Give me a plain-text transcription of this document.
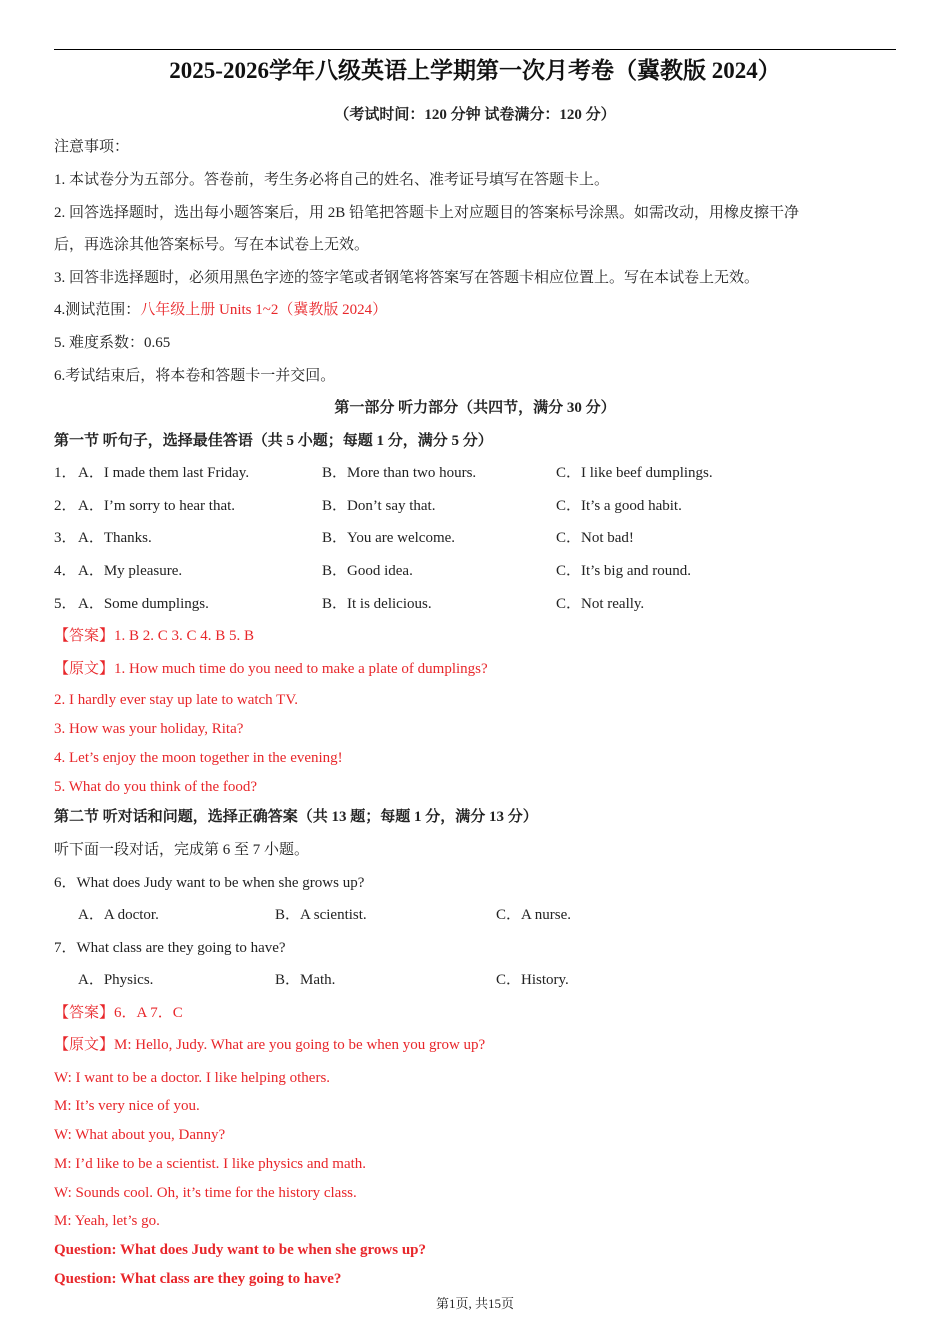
2025-2026学年八级英语上学期第一次月考卷（冀教版 2024）
（考试时间：120 分钟 试卷满分：120 分）
注意事项：
1. 本试卷分为五部分。答卷前，考生务必将自己的姓名、准考证号填写在答题卡上。
2. 回答选择题时，选出每小题答案后，用 2B 铅笔把答题卡上对应题目的答案标号涂黑。如需改动，用橡皮擦干净
后，再选涂其他答案标号。写在本试卷上无效。
3. 回答非选择题时，必须用黑色字迹的签字笔或者钢笔将答案写在答题卡相应位置上。写在本试卷上无效。
4.测试范围：八年级上册 Units 1~2（冀教版 2024）
5. 难度系数：0.65
6.考试结束后，将本卷和答题卡一并交回。
第一部分 听力部分（共四节，满分 30 分）
第一节 听句子，选择最佳答语（共 5 小题；每题 1 分，满分 5 分）
1． A．I made them last Friday.	B．More than two hours.	C．I like beef dumplings.
2． A．I’m sorry to hear that.	B．Don’t say that.	C．It’s a good habit.
3． A．Thanks.	B．You are welcome.	C．Not bad!
4． A．My pleasure.	B．Good idea.	C．It’s big and round.
5． A．Some dumplings.	B．It is delicious.	C．Not really.
【答案】1. B 2. C 3. C 4. B 5. B
【原文】1. How much time do you need to make a plate of dumplings?
2. I hardly ever stay up late to watch TV.
3. How was your holiday, Rita?
4. Let’s enjoy the moon together in the evening!
5. What do you think of the food?
第二节 听对话和问题，选择正确答案（共 13 题；每题 1 分，满分 13 分）
听下面一段对话，完成第 6 至 7 小题。
6．What does Judy want to be when she grows up?
A．A doctor.	B．A scientist.	C．A nurse.
7．What class are they going to have?
A．Physics.	B．Math.	C．History.
【答案】6．A 7．C
【原文】M: Hello, Judy. What are you going to be when you grow up?
W: I want to be a doctor. I like helping others.
M: It’s very nice of you.
W: What about you, Danny?
M: I’d like to be a scientist. I like physics and math.
W: Sounds cool. Oh, it’s time for the history class.
M: Yeah, let’s go.
Question: What does Judy want to be when she grows up?
Question: What class are they going to have?
第1页, 共15页
